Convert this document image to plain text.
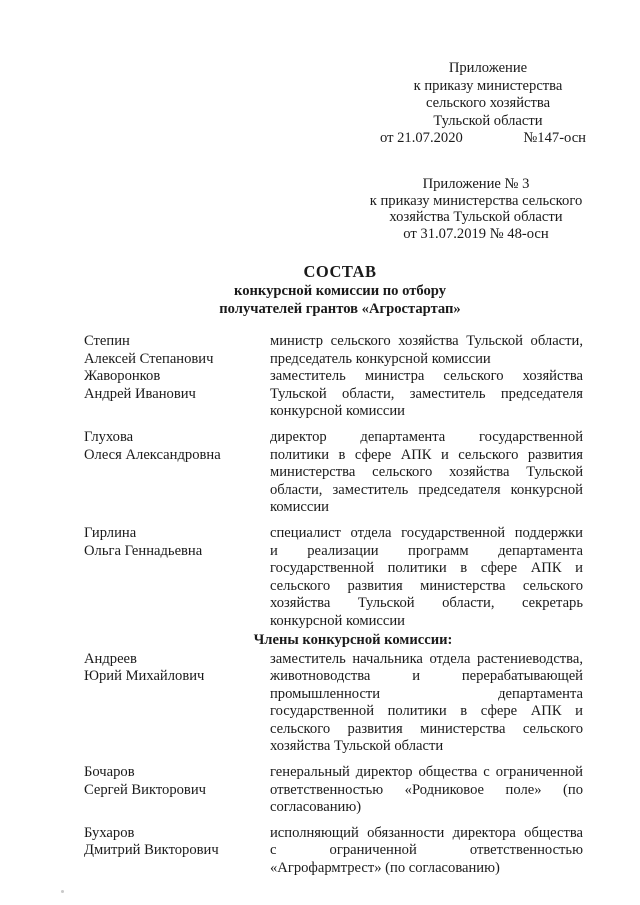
Приложение
к приказу министерства
сельского хозяйства
Тульской области
от 21.07.2020	№147-осн
Приложение № 3
к приказу министерства сельского
хозяйства Тульской области
от 31.07.2019 № 48-осн
СОСТАВ
конкурсной комиссии по отбору
получателей грантов «Агростартап»
Степин
Алексей Степанович
министр сельского хозяйства Тульской области,
председатель конкурсной комиссии
Жаворонков
Андрей Иванович
заместитель министра сельского хозяйства
Тульской области, заместитель председателя
конкурсной комиссии
Глухова
Олеся Александровна
директор департамента государственной
политики в сфере АПК и сельского развития
министерства сельского хозяйства Тульской
области, заместитель председателя конкурсной
комиссии
Гирлина
Ольга Геннадьевна
специалист отдела государственной поддержки
и реализации программ департамента
государственной политики в сфере АПК и
сельского развития министерства сельского
хозяйства Тульской области, секретарь
конкурсной комиссии
Члены конкурсной комиссии:
Андреев
Юрий Михайлович
заместитель начальника отдела растениеводства,
животноводства и перерабатывающей
промышленности департамента
государственной политики в сфере АПК и
сельского развития министерства сельского
хозяйства Тульской области
Бочаров
Сергей Викторович
генеральный директор общества с ограниченной
ответственностью «Родниковое поле» (по
согласованию)
Бухаров
Дмитрий Викторович
исполняющий обязанности директора общества
с ограниченной ответственностью
«Агрофармтрест» (по согласованию)
